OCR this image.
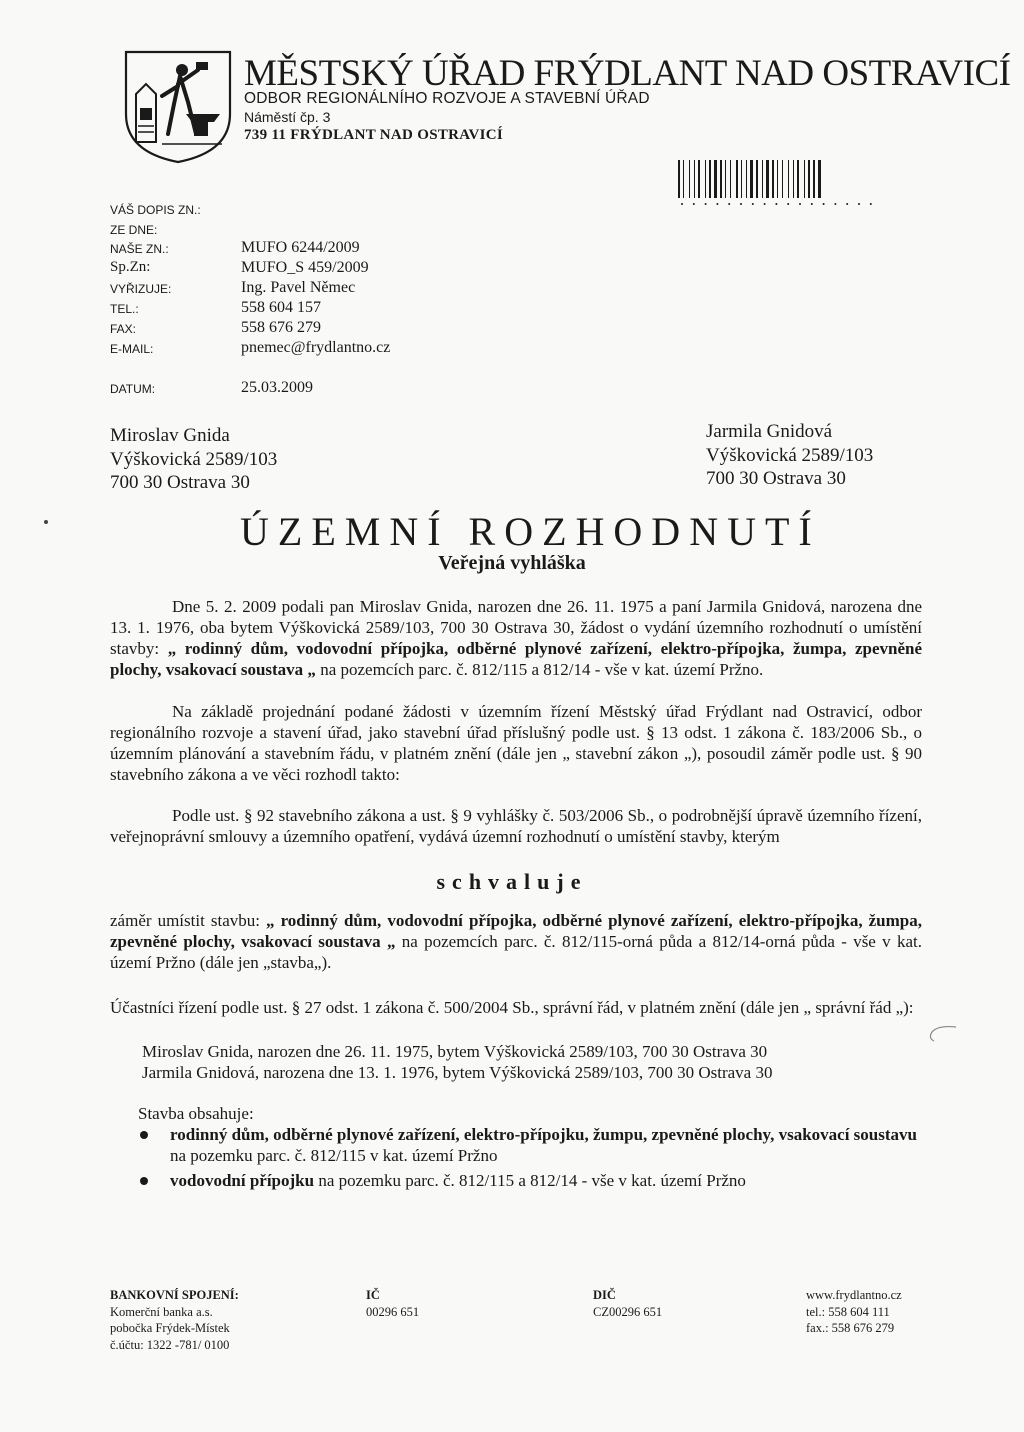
MĚSTSKÝ ÚŘAD FRÝDLANT NAD OSTRAVICÍ
ODBOR REGIONÁLNÍHO ROZVOJE A STAVEBNÍ ÚŘAD
Náměstí čp. 3
739 11 FRÝDLANT NAD OSTRAVICÍ
VÁŠ DOPIS ZN.:
ZE DNE:
NAŠE ZN.:	MUFO 6244/2009
Sp.Zn:	MUFO_S 459/2009
VYŘIZUJE:	Ing. Pavel Němec
TEL.:	558 604 157
FAX:	558 676 279
E-MAIL:	pnemec@frydlantno.cz
DATUM:	25.03.2009
Miroslav Gnida
Výškovická 2589/103
700 30 Ostrava 30
Jarmila Gnidová
Výškovická 2589/103
700 30 Ostrava 30
ÚZEMNÍ ROZHODNUTÍ
Veřejná vyhláška

Dne 5. 2. 2009 podali pan Miroslav Gnida, narozen dne 26. 11. 1975 a paní Jarmila Gnidová, narozena dne 13. 1. 1976, oba bytem Výškovická 2589/103, 700 30 Ostrava 30, žádost o vydání územního rozhodnutí o umístění stavby: „ rodinný dům, vodovodní přípojka, odběrné plynové zařízení, elektro-přípojka, žumpa, zpevněné plochy, vsakovací soustava „ na pozemcích parc. č. 812/115 a 812/14 - vše v kat. území Pržno.

Na základě projednání podané žádosti v územním řízení Městský úřad Frýdlant nad Ostravicí, odbor regionálního rozvoje a stavení úřad, jako stavební úřad příslušný podle ust. § 13 odst. 1 zákona č. 183/2006 Sb., o územním plánování a stavebním řádu, v platném znění (dále jen „ stavební zákon „), posoudil záměr podle ust. § 90 stavebního zákona a ve věci rozhodl takto:

Podle ust. § 92 stavebního zákona a ust. § 9 vyhlášky č. 503/2006 Sb., o podrobnější úpravě územního řízení, veřejnoprávní smlouvy a územního opatření, vydává územní rozhodnutí o umístění stavby, kterým

schvaluje

záměr umístit stavbu: „ rodinný dům, vodovodní přípojka, odběrné plynové zařízení, elektro-přípojka, žumpa, zpevněné plochy, vsakovací soustava „ na pozemcích parc. č. 812/115-orná půda a 812/14-orná půda - vše v kat. území Pržno (dále jen „stavba„).

Účastníci řízení podle ust. § 27 odst. 1 zákona č. 500/2004 Sb., správní řád, v platném znění (dále jen „ správní řád „):

Miroslav Gnida, narozen dne 26. 11. 1975, bytem Výškovická 2589/103, 700 30 Ostrava 30
Jarmila Gnidová, narozena dne 13. 1. 1976, bytem Výškovická 2589/103, 700 30 Ostrava 30
Stavba obsahuje:
rodinný dům, odběrné plynové zařízení, elektro-přípojku, žumpu, zpevněné plochy, vsakovací soustavu na pozemku parc. č. 812/115 v kat. území Pržno
vodovodní přípojku na pozemku parc. č. 812/115 a 812/14 - vše v kat. území Pržno
BANKOVNÍ SPOJENÍ:
Komerční banka a.s.
pobočka Frýdek-Místek
č.účtu: 1322 -781/ 0100
IČ
00296 651
DIČ
CZ00296 651
www.frydlantno.cz
tel.: 558 604 111
fax.: 558 676 279
